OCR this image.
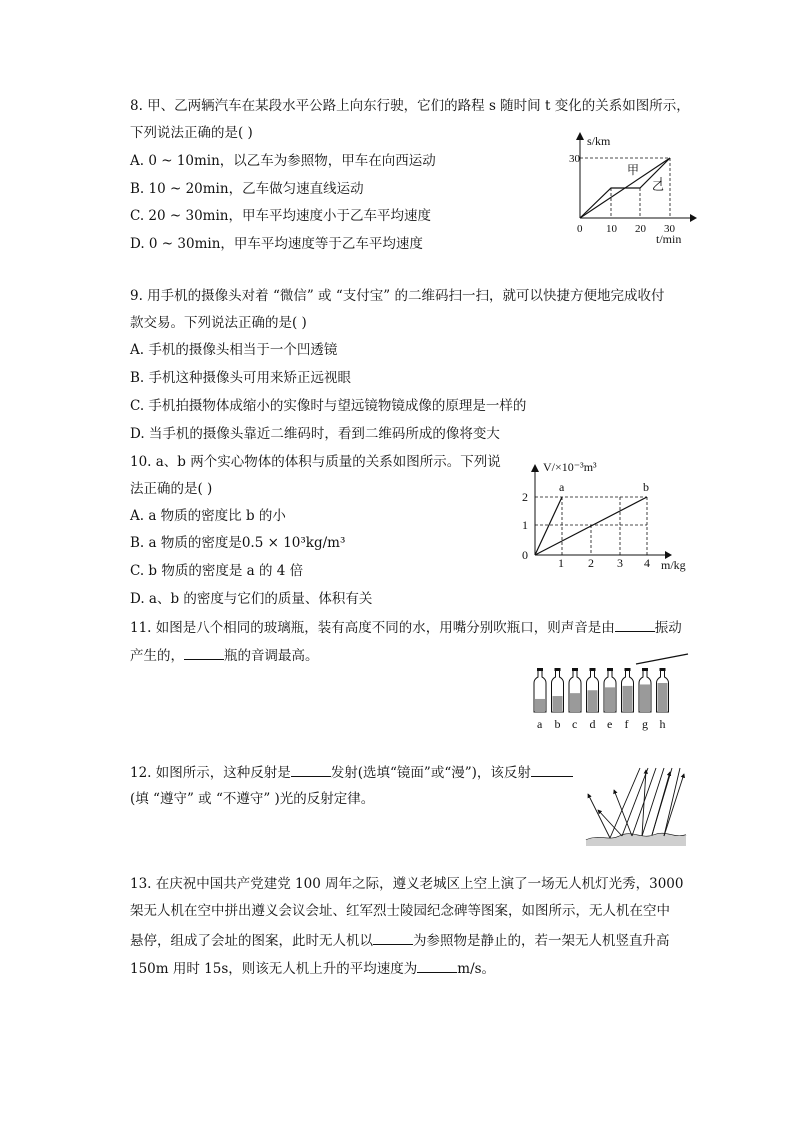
8. 甲、乙两辆汽车在某段水平公路上向东行驶，它们的路程 s 随时间 t 变化的关系如图所示，
下列说法正确的是( )
A. 0 ~ 10min，以乙车为参照物，甲车在向西运动
B. 10 ~ 20min，乙车做匀速直线运动
C. 20 ~ 30min，甲车平均速度小于乙车平均速度
D. 0 ~ 30min，甲车平均速度等于乙车平均速度
s/km
t/min
30
0 10 20 30
甲
乙
9. 用手机的摄像头对着 “微信” 或 “支付宝” 的二维码扫一扫，就可以快捷方便地完成收付
款交易。下列说法正确的是( )
A. 手机的摄像头相当于一个凹透镜
B. 手机这种摄像头可用来矫正远视眼
C. 手机拍摄物体成缩小的实像时与望远镜物镜成像的原理是一样的
D. 当手机的摄像头靠近二维码时，看到二维码所成的像将变大
10. a、b 两个实心物体的体积与质量的关系如图所示。下列说
法正确的是( )
A. a 物质的密度比 b 的小
B. a 物质的密度是0.5 × 10³kg/m³
C. b 物质的密度是 a 的 4 倍
D. a、b 的密度与它们的质量、体积有关
V/×10⁻³m³
m/kg
0
2
1
1 2 3 4
a	b
11. 如图是八个相同的玻璃瓶，装有高度不同的水，用嘴分别吹瓶口，则声音是由	振动
产生的，	瓶的音调最高。
a b c d e f g h
12. 如图所示，这种反射是	发射(选填“镜面”或“漫”)，该反射
(填 “遵守” 或 “不遵守” )光的反射定律。
13. 在庆祝中国共产党建党 100 周年之际，遵义老城区上空上演了一场无人机灯光秀，3000
架无人机在空中拼出遵义会议会址、红军烈士陵园纪念碑等图案，如图所示，无人机在空中
悬停，组成了会址的图案，此时无人机以	为参照物是静止的，若一架无人机竖直升高
150m 用时 15s，则该无人机上升的平均速度为	m/s。
